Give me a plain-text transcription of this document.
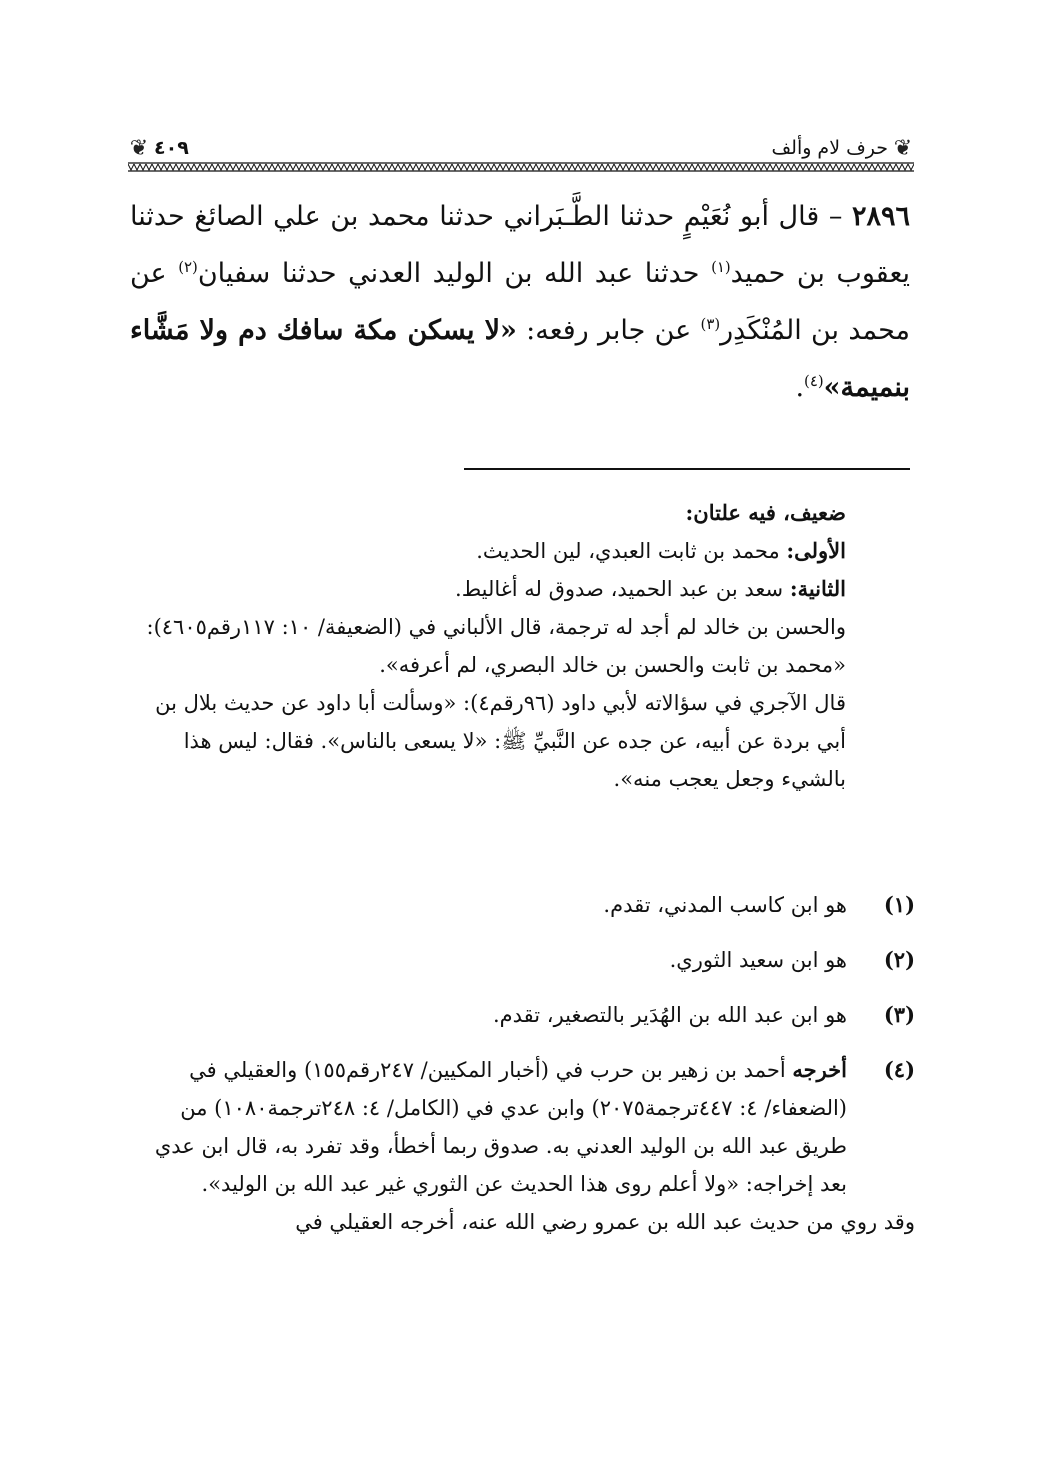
❦
حرف لام وألف
٤٠٩
❦
٢٨٩٦ – قال أبو نُعَيْمٍ حدثنا الطَّـبَراني حدثنا محمد بن علي الصائغ حدثنا يعقوب بن حميد$^{(١)}$ حدثنا عبد الله بن الوليد العدني حدثنا سفيان$^{(٢)}$ عن محمد بن المُنْكَدِر$^{(٣)}$ عن جابر رفعه: «لا يسكن مكة سافك دم ولا مَشَّاء بنميمة»$^{(٤)}$.

ضعيف، فيه علتان:

الأولى: محمد بن ثابت العبدي، لين الحديث.

الثانية: سعد بن عبد الحميد، صدوق له أغاليط.

والحسن بن خالد لم أجد له ترجمة، قال الألباني في (الضعيفة/ ١٠: ١١٧رقم٤٦٠٥): «محمد بن ثابت والحسن بن خالد البصري، لم أعرفه».

قال الآجري في سؤالاته لأبي داود (٩٦رقم٤): «وسألت أبا داود عن حديث بلال بن أبي بردة عن أبيه، عن جده عن النَّبيِّ ﷺ: «لا يسعى بالناس». فقال: ليس هذا بالشيء وجعل يعجب منه».

(١)
هو ابن كاسب المدني، تقدم.
(٢)
هو ابن سعيد الثوري.
(٣)
هو ابن عبد الله بن الهُدَير بالتصغير، تقدم.
(٤)
أخرجه أحمد بن زهير بن حرب في (أخبار المكيين/ ٢٤٧رقم١٥٥) والعقيلي في (الضعفاء/ ٤: ٤٤٧ترجمة٢٠٧٥) وابن عدي في (الكامل/ ٤: ٢٤٨ترجمة١٠٨٠) من طريق عبد الله بن الوليد العدني به. صدوق ربما أخطأ، وقد تفرد به، قال ابن عدي بعد إخراجه: «ولا أعلم روى هذا الحديث عن الثوري غير عبد الله بن الوليد».

وقد روي من حديث عبد الله بن عمرو رضي الله عنه، أخرجه العقيلي في
